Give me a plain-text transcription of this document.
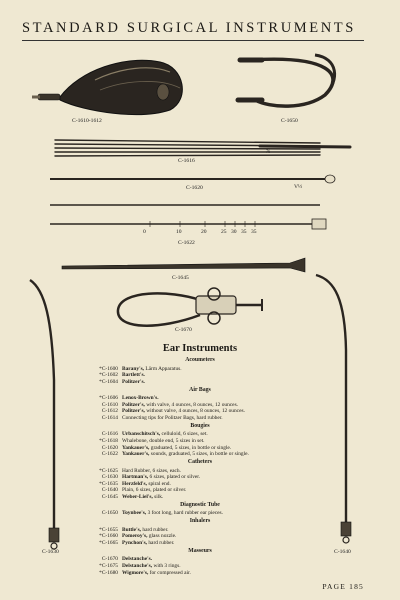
STANDARD SURGICAL INSTRUMENTS
C-1610-1612	C-1650
C-1616
⅞
C-1620	V½
C-1622
0	10	20	25 30 35 35
C-1645
C-1670
C-1630	C-1640
Ear Instruments
Acoumeters
*C-1600 Barany's, Lärm Apparatus.
*C-1602 Bartlett's.
*C-1604 Politzer's.
Air Bags
*C-1606 Lenox-Brown's.
C-1610 Politzer's, with valve, 4 ounces, 8 ounces, 12 ounces.
C-1612 Politzer's, without valve, 4 ounces, 8 ounces, 12 ounces.
C-1614 Connecting tips for Politzer Bags, hard rubber.
Bougies
C-1616 Urbanschitsch's, celluloid, 6 sizes, set.
*C-1618 Whalebone, double end, 5 sizes in set.
C-1620 Yankauer's, graduated, 5 sizes, in bottle or single.
C-1622 Yankauer's, sounds, graduated, 5 sizes, in bottle or single.
Catheters
*C-1625 Hard Rubber, 6 sizes, each.
C-1630 Hartman's, 6 sizes, plated or silver.
*C-1635 Herzfeld's, spiral end.
C-1640 Plain, 6 sizes, plated or silver.
C-1645 Weber-Liel's, silk.
Diagnostic Tube
C-1650 Toynbee's, 3 foot long, hard rubber ear pieces.
Inhalers
*C-1655 Buttle's, hard rubber.
*C-1660 Pomeroy's, glass nozzle.
*C-1665 Pynchon's, hard rubber.
Masseurs
C-1670 Delstanche's.
*C-1675 Delstanche's, with 3 rings.
*C-1680 Wigmore's, for compressed air.
PAGE 185
